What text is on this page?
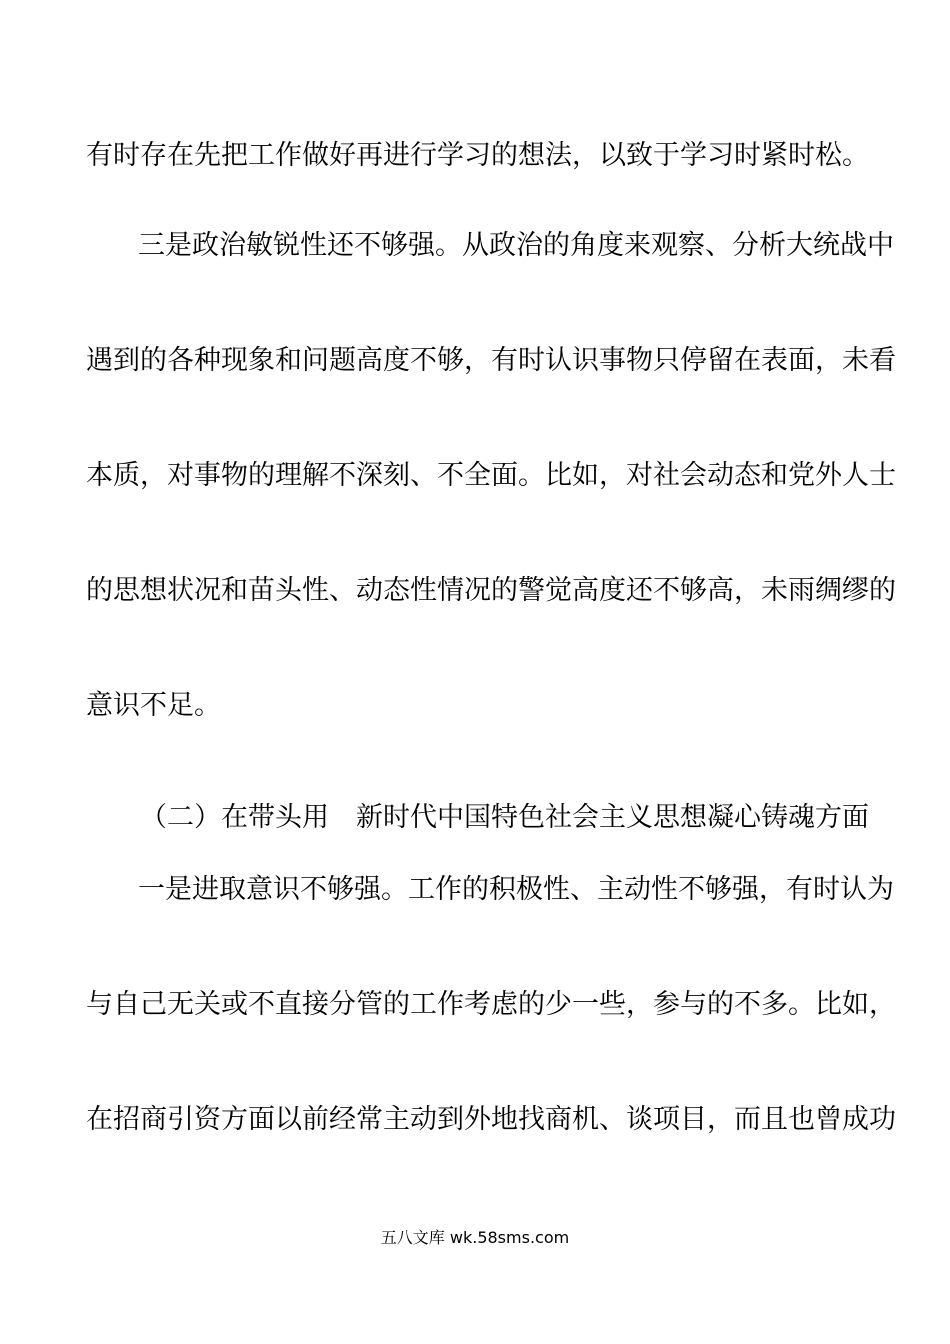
有时存在先把工作做好再进行学习的想法，以致于学习时紧时松。
三是政治敏锐性还不够强。从政治的角度来观察、分析大统战中
遇到的各种现象和问题高度不够，有时认识事物只停留在表面，未看
本质，对事物的理解不深刻、不全面。比如，对社会动态和党外人士
的思想状况和苗头性、动态性情况的警觉高度还不够高，未雨绸缪的
意识不足。
（二）在带头用　新时代中国特色社会主义思想凝心铸魂方面
一是进取意识不够强。工作的积极性、主动性不够强，有时认为
与自己无关或不直接分管的工作考虑的少一些，参与的不多。比如，
在招商引资方面以前经常主动到外地找商机、谈项目，而且也曾成功
五八文库 wk.58sms.com
